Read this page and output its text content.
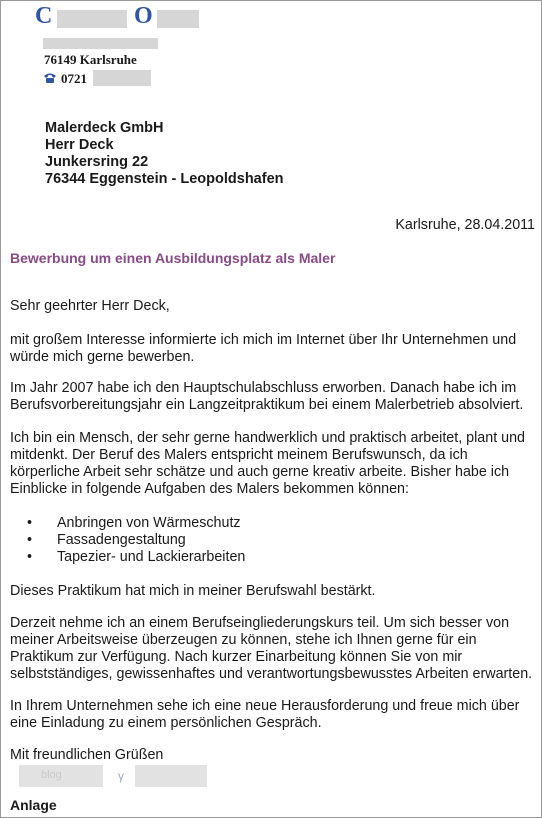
C	O
76149 Karlsruhe
0721
Malerdeck GmbH
Herr Deck
Junkersring 22
76344 Eggenstein - Leopoldshafen
Karlsruhe, 28.04.2011
Bewerbung um einen Ausbildungsplatz als Maler
Sehr geehrter Herr Deck,
mit großem Interesse informierte ich mich im Internet über Ihr Unternehmen und würde mich gerne bewerben.
Im Jahr 2007 habe ich den Hauptschulabschluss erworben. Danach habe ich im Berufsvorbereitungsjahr ein Langzeitpraktikum bei einem Malerbetrieb absolviert.
Ich bin ein Mensch, der sehr gerne handwerklich und praktisch arbeitet, plant und mitdenkt. Der Beruf des Malers entspricht meinem Berufswunsch, da ich körperliche Arbeit sehr schätze und auch gerne kreativ arbeite. Bisher habe ich Einblicke in folgende Aufgaben des Malers bekommen können:
• Anbringen von Wärmeschutz
• Fassadengestaltung
• Tapezier- und Lackierarbeiten
Dieses Praktikum hat mich in meiner Berufswahl bestärkt.
Derzeit nehme ich an einem Berufseingliederungskurs teil. Um sich besser von meiner Arbeitsweise überzeugen zu können, stehe ich Ihnen gerne für ein Praktikum zur Verfügung. Nach kurzer Einarbeitung können Sie von mir selbstständiges, gewissenhaftes und verantwortungsbewusstes Arbeiten erwarten.
In Ihrem Unternehmen sehe ich eine neue Herausforderung und freue mich über eine Einladung zu einem persönlichen Gespräch.
Mit freundlichen Grüßen
blog	γ
Anlage
